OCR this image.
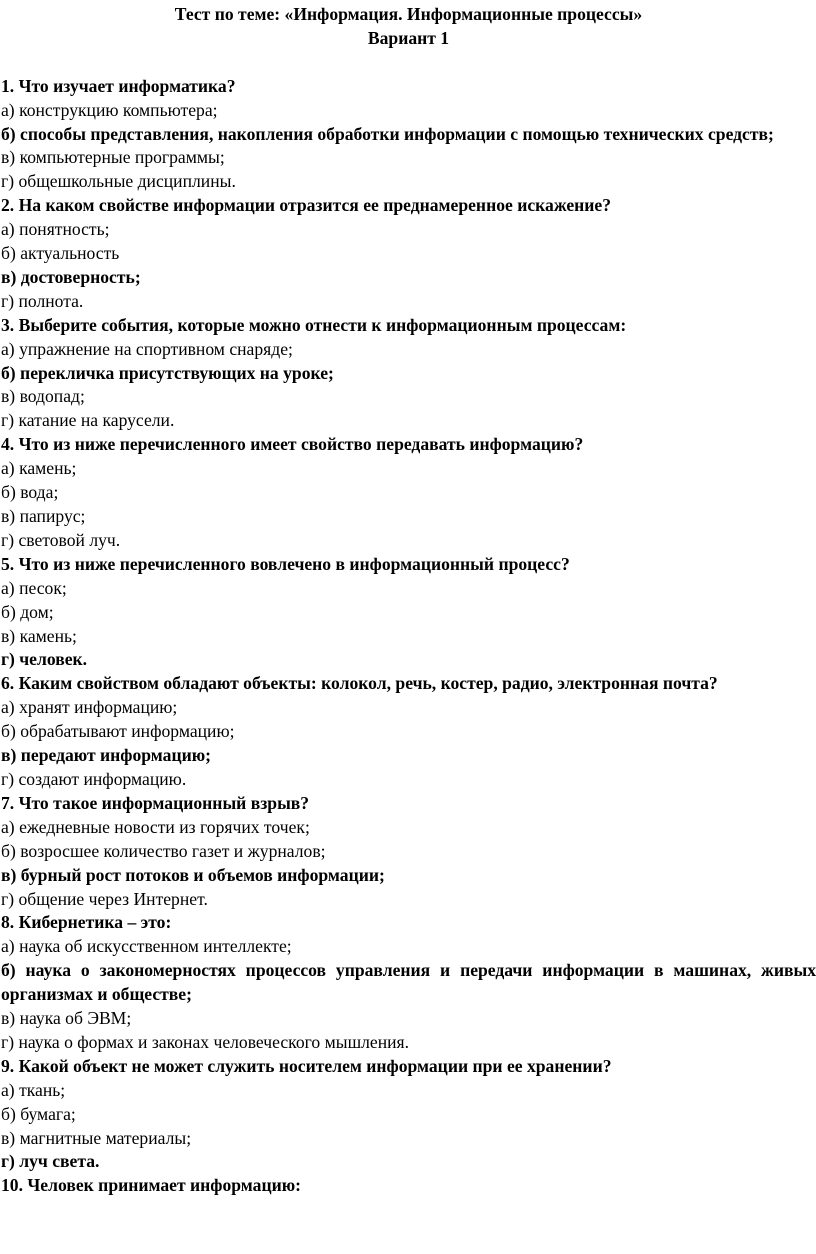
Тест по теме: «Информация. Информационные процессы»

Вариант 1

1. Что изучает информатика?

а) конструкцию компьютера;

б) способы представления, накопления обработки информации с помощью технических средств;

в) компьютерные программы;

г) общешкольные дисциплины.

2. На каком свойстве информации отразится ее преднамеренное искажение?

а) понятность;

б) актуальность

в) достоверность;

г) полнота.

3. Выберите события, которые можно отнести к информационным процессам:

а) упражнение на спортивном снаряде;

б) перекличка присутствующих на уроке;

в) водопад;

г) катание на карусели.

4. Что из ниже перечисленного имеет свойство передавать информацию?

а) камень;

б) вода;

в) папирус;

г) световой луч.

5. Что из ниже перечисленного вовлечено в информационный процесс?

а) песок;

б) дом;

в) камень;

г) человек.

6. Каким свойством обладают объекты: колокол, речь, костер, радио, электронная почта?

а) хранят информацию;

б) обрабатывают информацию;

в) передают информацию;

г) создают информацию.

7. Что такое информационный взрыв?

а) ежедневные новости из горячих точек;

б) возросшее количество газет и журналов;

в) бурный рост потоков и объемов информации;

г) общение через Интернет.

8. Кибернетика – это:

а) наука об искусственном интеллекте;

б) наука о закономерностях процессов управления и передачи информации в машинах, живых организмах и обществе;

в) наука об ЭВМ;

г) наука о формах и законах человеческого мышления.

9. Какой объект не может служить носителем информации при ее хранении?

а) ткань;

б) бумага;

в) магнитные материалы;

г) луч света.

10. Человек принимает информацию:
